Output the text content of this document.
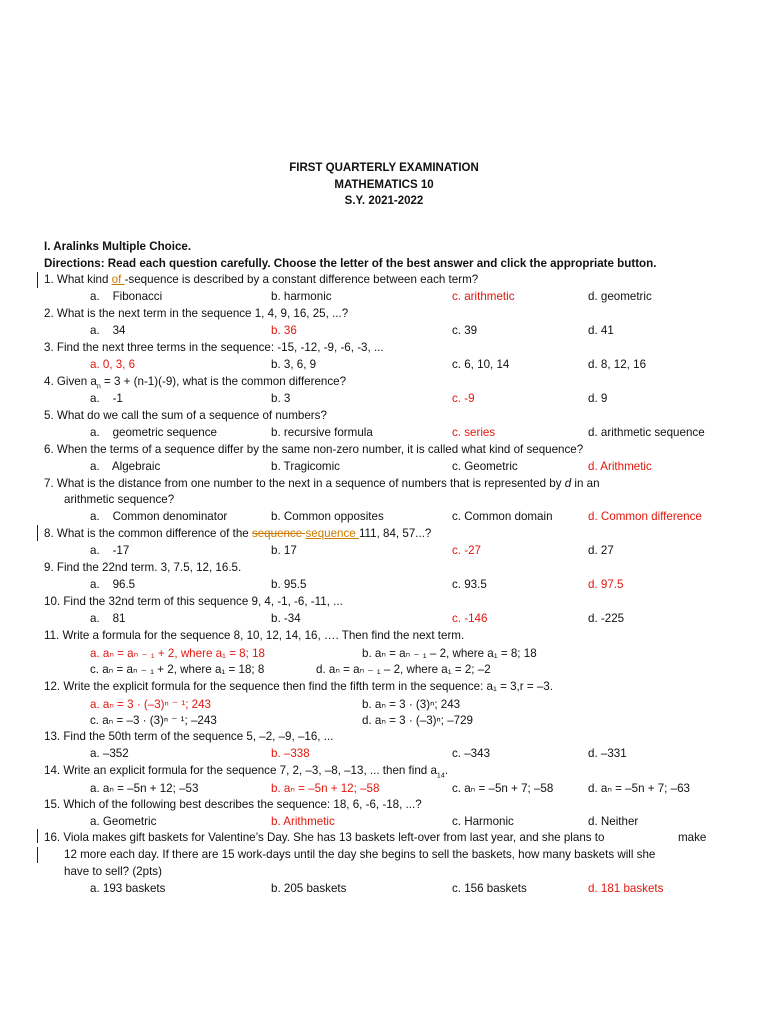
FIRST QUARTERLY EXAMINATION
MATHEMATICS 10
S.Y. 2021-2022
I. Aralinks Multiple Choice.
Directions: Read each question carefully. Choose the letter of the best answer and click the appropriate button.
1. What kind of -sequence is described by a constant difference between each term?
a.    Fibonacci	b. harmonic	c. arithmetic	d. geometric
2. What is the next term in the sequence 1, 4, 9, 16, 25, ...?
a.    34	b. 36	c. 39	d. 41
3. Find the next three terms in the sequence: -15, -12, -9, -6, -3, ...
a. 0, 3, 6	b. 3, 6, 9	c. 6, 10, 14	d. 8, 12, 16
4. Given $a_n = 3 + (n-1)(-9)$, what is the common difference?
a.    -1	b. 3	c. -9	d. 9
5. What do we call the sum of a sequence of numbers?
a.    geometric sequence	b. recursive formula	c. series	d. arithmetic sequence
6. When the terms of a sequence differ by the same non-zero number, it is called what kind of sequence?
a.    Algebraic	b. Tragicomic	c. Geometric	d. Arithmetic
7. What is the distance from one number to the next in a sequence of numbers that is represented by d in an
arithmetic sequence?
a.    Common denominator	b. Common opposites	c. Common domain	d. Common difference
8. What is the common difference of the sequence sequence 111, 84, 57...?
a.    -17	b. 17	c. -27	d. 27
9. Find the 22nd term. 3, 7.5, 12, 16.5.
a.    96.5	b. 95.5	c. 93.5	d. 97.5
10. Find the 32nd term of this sequence 9, 4, -1, -6, -11, ...
a.    81	b. -34	c. -146	d. -225
11. Write a formula for the sequence 8, 10, 12, 14, 16, …. Then find the next term.
a. aₙ = aₙ ₋ ₁ + 2, where a₁ = 8; 18	b. aₙ = aₙ ₋ ₁ – 2, where a₁ = 8; 18
c. aₙ = aₙ ₋ ₁ + 2, where a₁ = 18; 8	d. aₙ = aₙ ₋ ₁ – 2, where a₁ = 2; –2
12. Write the explicit formula for the sequence then find the fifth term in the sequence: a₁ = 3,r = –3.
a. aₙ = 3 · (–3)ⁿ ⁻ ¹; 243	b. aₙ = 3 · (3)ⁿ; 243
c. aₙ = –3 · (3)ⁿ ⁻ ¹; –243	d. aₙ = 3 · (–3)ⁿ; –729
13. Find the 50th term of the sequence 5, –2, –9, –16, ...
a. –352	b. –338	c. –343	d. –331
14. Write an explicit formula for the sequence 7, 2, –3, –8, –13, ... then find $a_{14}$.
a. aₙ = –5n + 12; –53	b. aₙ = –5n + 12; –58	c. aₙ = –5n + 7; –58	d. aₙ = –5n + 7; –63
15. Which of the following best describes the sequence: 18, 6, -6, -18, ...?
a. Geometric	b. Arithmetic	c. Harmonic	d. Neither
16. Viola makes gift baskets for Valentine’s Day. She has 13 baskets left-over from last year, and she plans to	make
12 more each day. If there are 15 work-days until the day she begins to sell the baskets, how many baskets will she
have to sell? (2pts)
a. 193 baskets	b. 205 baskets	c. 156 baskets	d. 181 baskets
